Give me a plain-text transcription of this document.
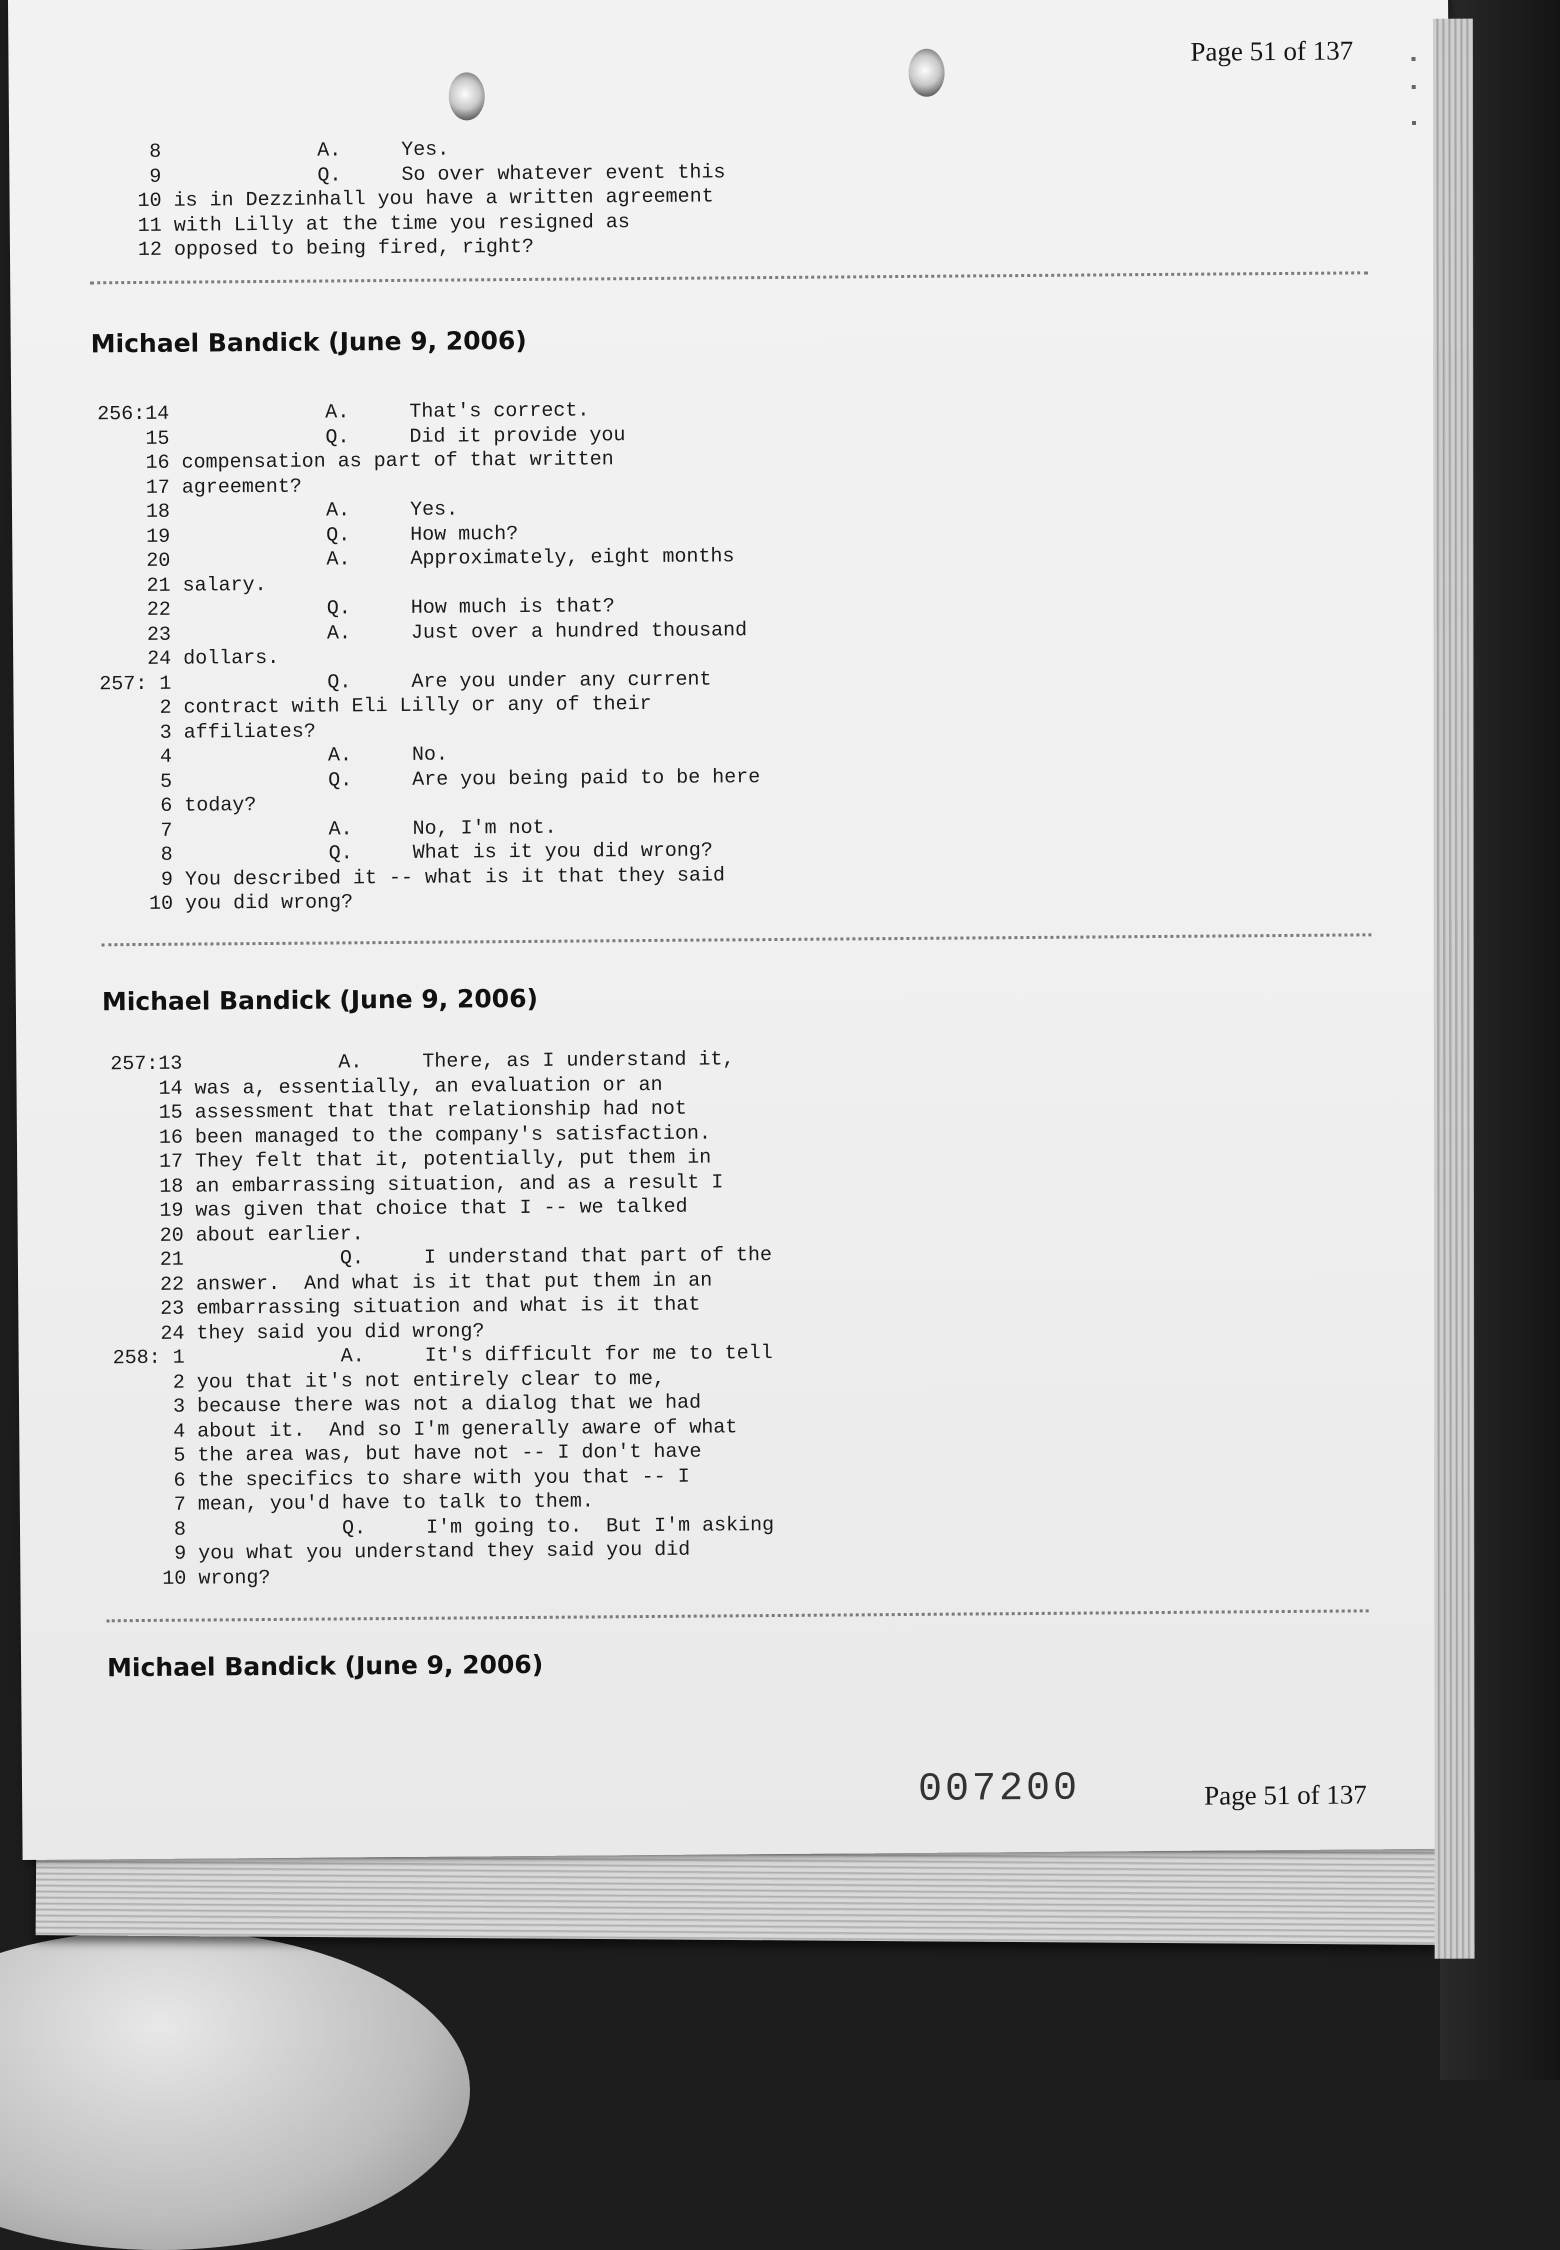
Page 51 of 137
8 A.     Yes.
9 Q.     So over whatever event this
10 is in Dezzinhall you have a written agreement
11 with Lilly at the time you resigned as
12 opposed to being fired, right?
Michael Bandick (June 9, 2006)
256:14 A.     That's correct.
15 Q.     Did it provide you
16 compensation as part of that written
17 agreement?
18 A.     Yes.
19 Q.     How much?
20 A.     Approximately, eight months
21 salary.
22 Q.     How much is that?
23 A.     Just over a hundred thousand
24 dollars.
257: 1 Q.     Are you under any current
2 contract with Eli Lilly or any of their
3 affiliates?
4 A.     No.
5 Q.     Are you being paid to be here
6 today?
7 A.     No, I'm not.
8 Q.     What is it you did wrong?
9 You described it -- what is it that they said
10 you did wrong?
Michael Bandick (June 9, 2006)
257:13 A.     There, as I understand it,
14 was a, essentially, an evaluation or an
15 assessment that that relationship had not
16 been managed to the company's satisfaction.
17 They felt that it, potentially, put them in
18 an embarrassing situation, and as a result I
19 was given that choice that I -- we talked
20 about earlier.
21 Q.     I understand that part of the
22 answer.  And what is it that put them in an
23 embarrassing situation and what is it that
24 they said you did wrong?
258: 1 A.     It's difficult for me to tell
2 you that it's not entirely clear to me,
3 because there was not a dialog that we had
4 about it.  And so I'm generally aware of what
5 the area was, but have not -- I don't have
6 the specifics to share with you that -- I
7 mean, you'd have to talk to them.
8 Q.     I'm going to.  But I'm asking
9 you what you understand they said you did
10 wrong?
Michael Bandick (June 9, 2006)
007200	Page 51 of 137
